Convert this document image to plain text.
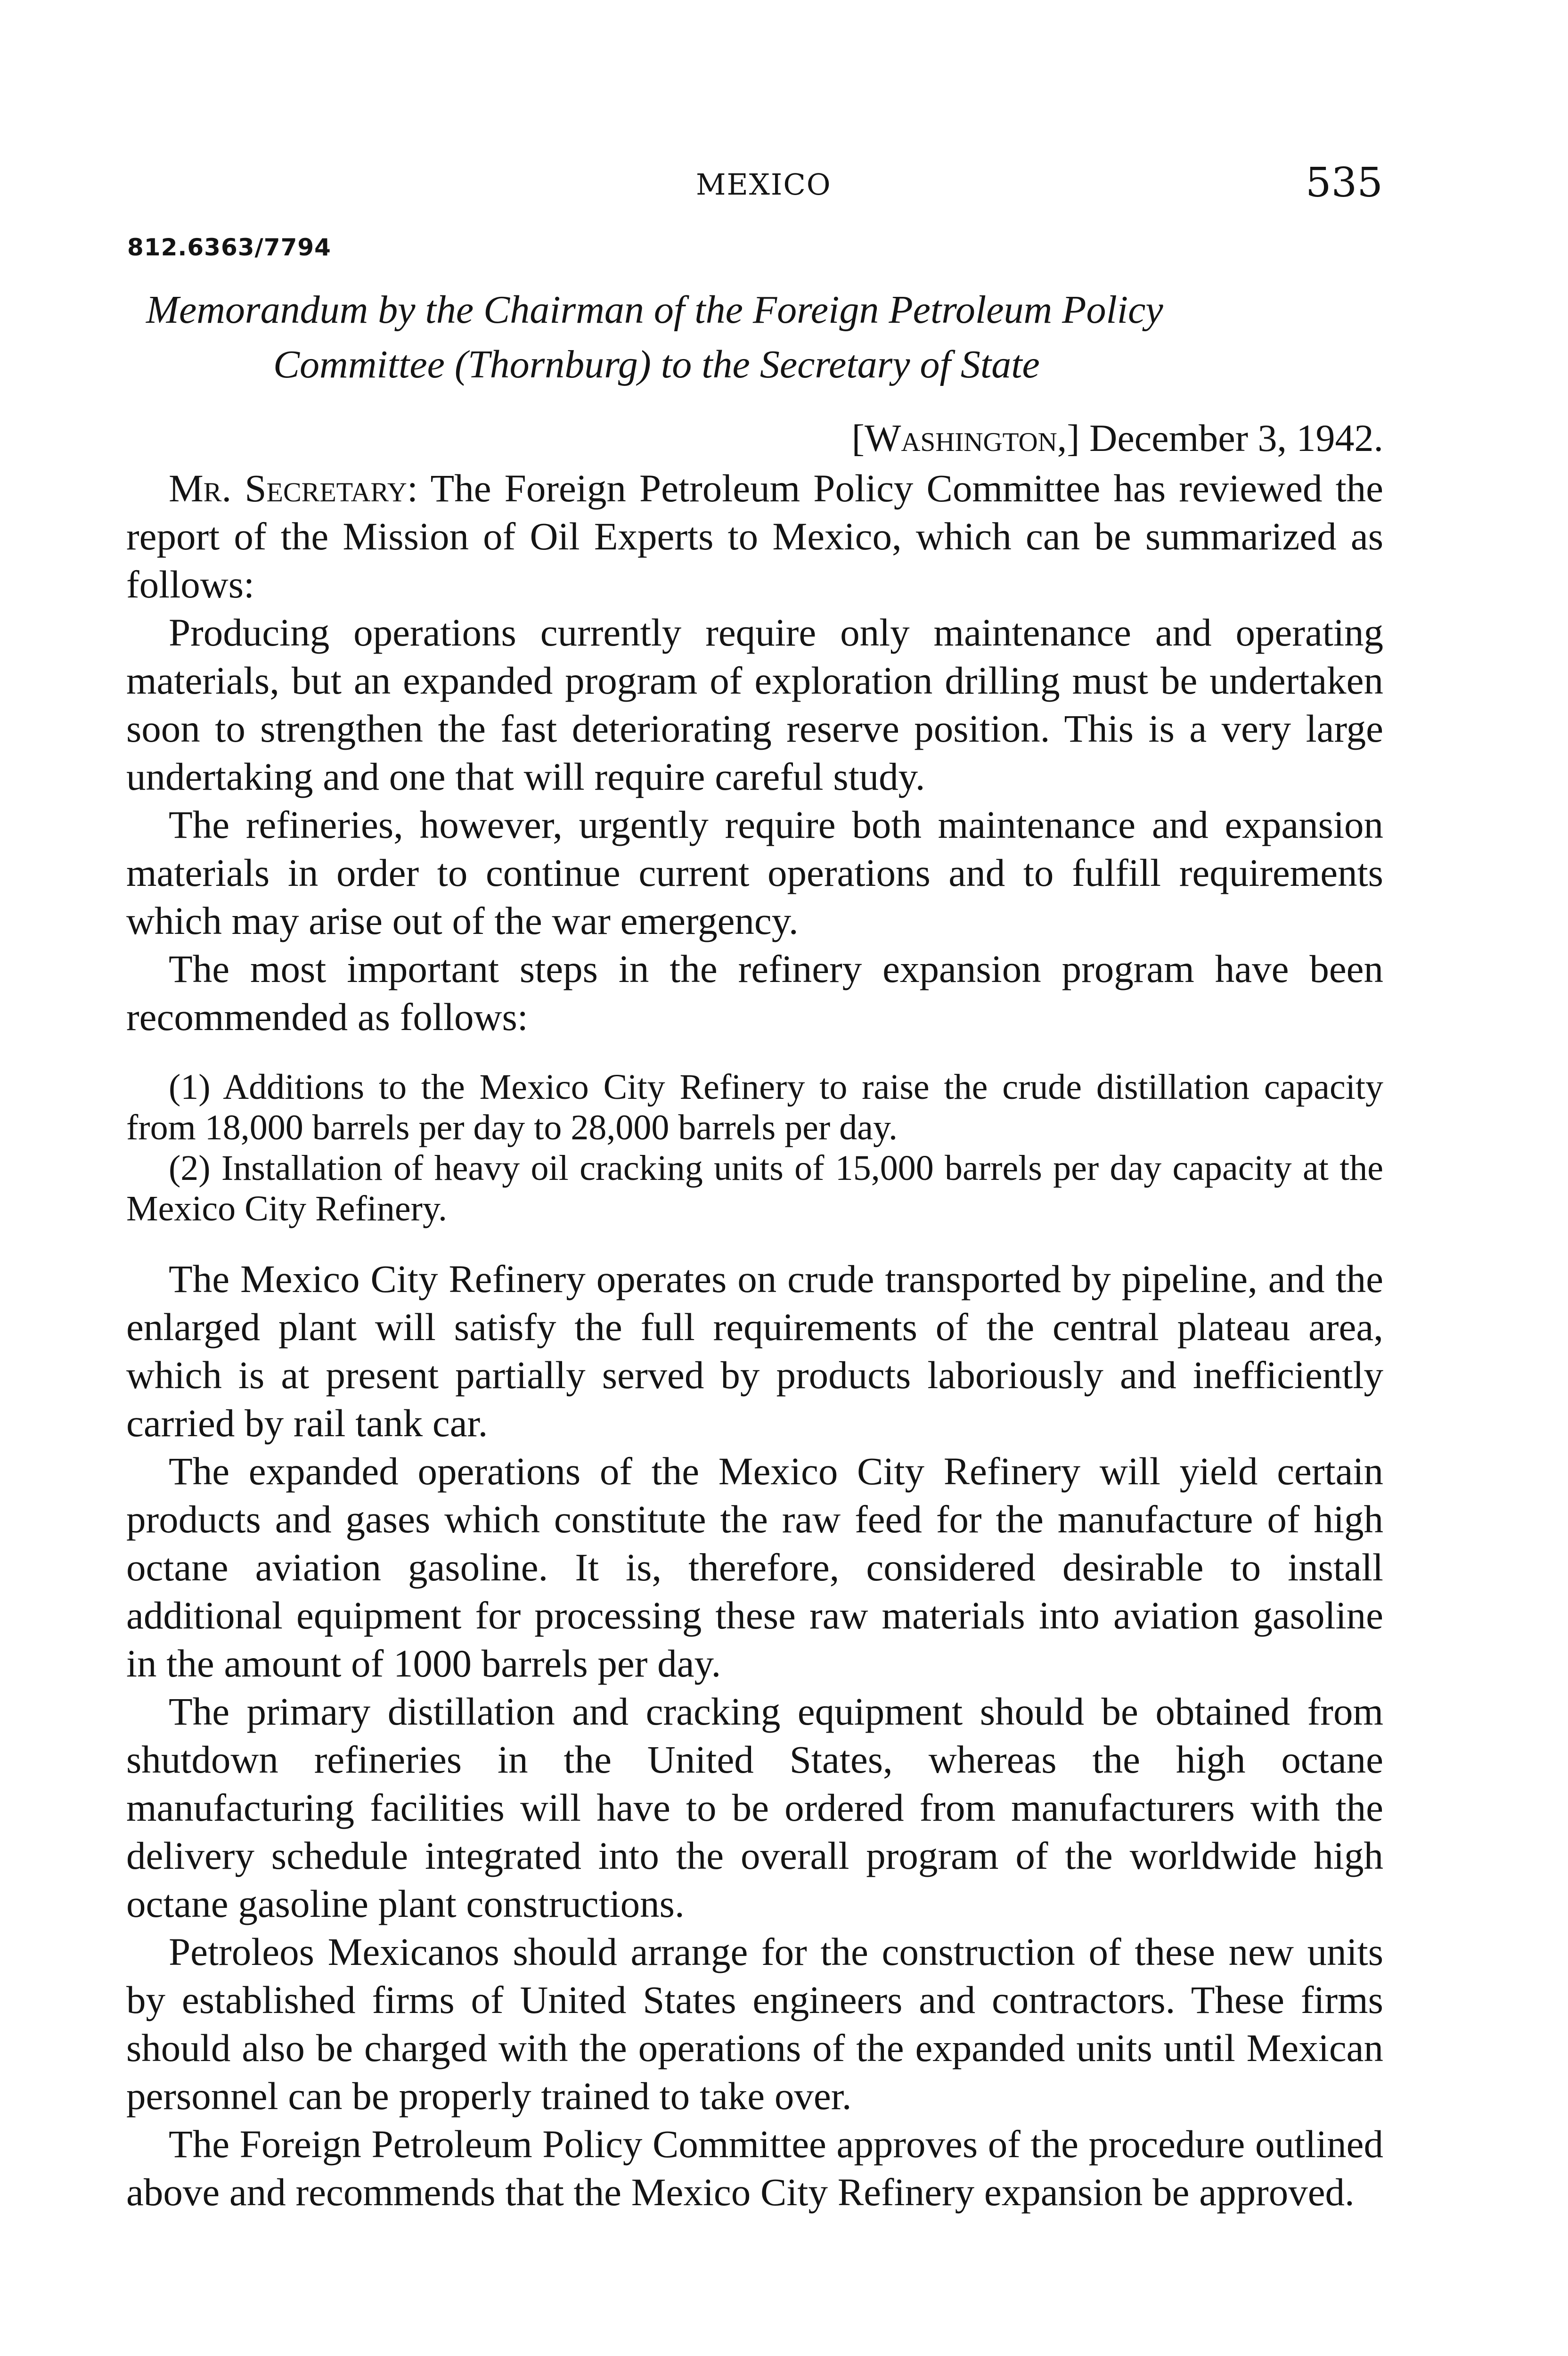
MEXICO	535
812.6363/7794
Memorandum by the Chairman of the Foreign Petroleum Policy
Committee (Thornburg) to the Secretary of State
[Washington,] December 3, 1942.

Mr. Secretary: The Foreign Petroleum Policy Committee has reviewed the report of the Mission of Oil Experts to Mexico, which can be summarized as follows:

Producing operations currently require only maintenance and operating materials, but an expanded program of exploration drilling must be undertaken soon to strengthen the fast deteriorating reserve position. This is a very large undertaking and one that will require careful study.

The refineries, however, urgently require both maintenance and expansion materials in order to continue current operations and to fulfill requirements which may arise out of the war emergency.

The most important steps in the refinery expansion program have been recommended as follows:

(1) Additions to the Mexico City Refinery to raise the crude distillation capacity from 18,000 barrels per day to 28,000 barrels per day.

(2) Installation of heavy oil cracking units of 15,000 barrels per day capacity at the Mexico City Refinery.

The Mexico City Refinery operates on crude transported by pipeline, and the enlarged plant will satisfy the full requirements of the central plateau area, which is at present partially served by products laboriously and inefficiently carried by rail tank car.

The expanded operations of the Mexico City Refinery will yield certain products and gases which constitute the raw feed for the manufacture of high octane aviation gasoline. It is, therefore, considered desirable to install additional equipment for processing these raw materials into aviation gasoline in the amount of 1000 barrels per day.

The primary distillation and cracking equipment should be obtained from shutdown refineries in the United States, whereas the high octane manufacturing facilities will have to be ordered from manufacturers with the delivery schedule integrated into the overall program of the worldwide high octane gasoline plant constructions.

Petroleos Mexicanos should arrange for the construction of these new units by established firms of United States engineers and contractors. These firms should also be charged with the operations of the expanded units until Mexican personnel can be properly trained to take over.

The Foreign Petroleum Policy Committee approves of the procedure outlined above and recommends that the Mexico City Refinery expansion be approved.
